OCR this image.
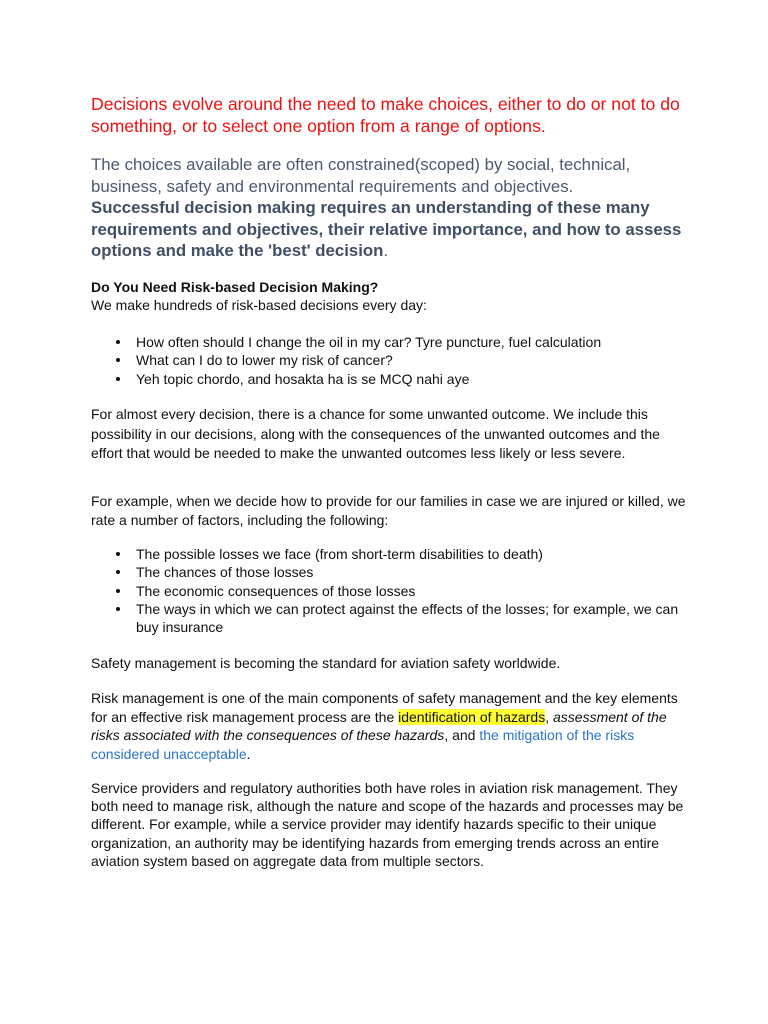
Decisions evolve around the need to make choices, either to do or not to do something, or to select one option from a range of options.
The choices available are often constrained(scoped) by social, technical, business, safety and environmental requirements and objectives.
Successful decision making requires an understanding of these many requirements and objectives, their relative importance, and how to assess options and make the 'best' decision.
Do You Need Risk-based Decision Making?
We make hundreds of risk-based decisions every day:
How often should I change the oil in my car? Tyre puncture, fuel calculation
What can I do to lower my risk of cancer?
Yeh topic chordo, and hosakta ha is se MCQ nahi aye
For almost every decision, there is a chance for some unwanted outcome. We include this possibility in our decisions, along with the consequences of the unwanted outcomes and the effort that would be needed to make the unwanted outcomes less likely or less severe.
For example, when we decide how to provide for our families in case we are injured or killed, we rate a number of factors, including the following:
The possible losses we face (from short-term disabilities to death)
The chances of those losses
The economic consequences of those losses
The ways in which we can protect against the effects of the losses; for example, we can buy insurance
Safety management is becoming the standard for aviation safety worldwide.
Risk management is one of the main components of safety management and the key elements for an effective risk management process are the identification of hazards, assessment of the risks associated with the consequences of these hazards, and the mitigation of the risks considered unacceptable.
Service providers and regulatory authorities both have roles in aviation risk management. They both need to manage risk, although the nature and scope of the hazards and processes may be different. For example, while a service provider may identify hazards specific to their unique organization, an authority may be identifying hazards from emerging trends across an entire aviation system based on aggregate data from multiple sectors.
